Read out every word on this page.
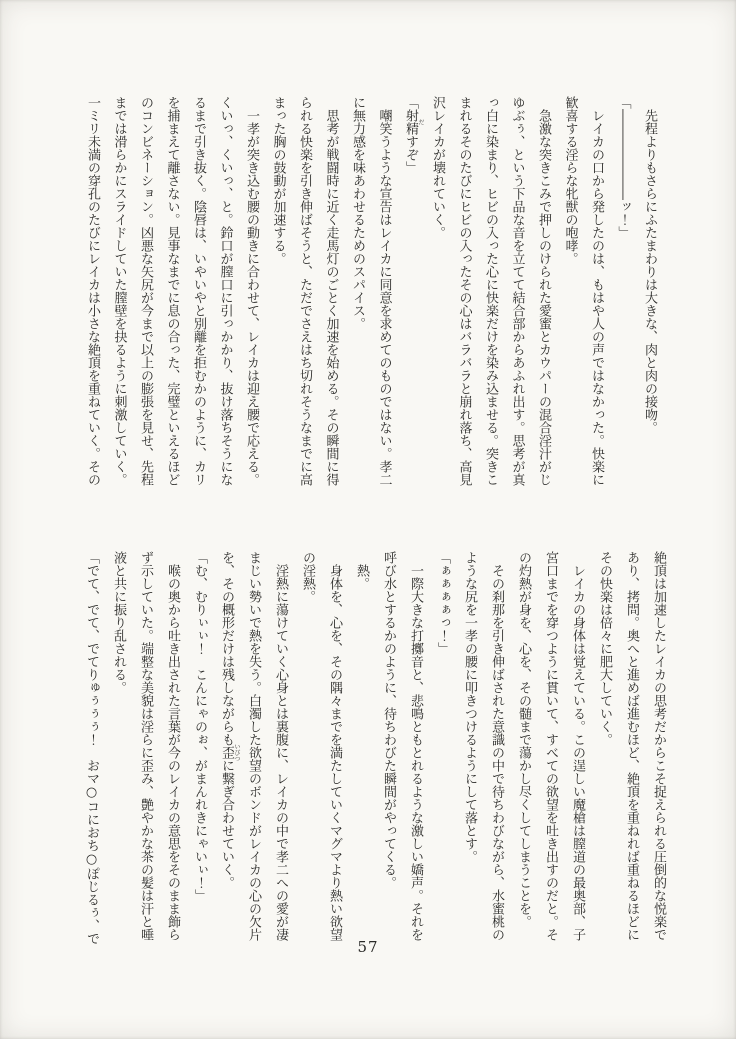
先程よりもさらにふたまわりは大きな、肉と肉の接吻。
「―――――――ッ！」
レイカの口から発したのは、もはや人の声ではなかった。快楽に
歓喜する淫らな牝獣の咆哮。
急激な突きこみで押しのけられた愛蜜とカウパーの混合淫汁がじ
ゆぶぅ、という下品な音を立てて結合部からあふれ出す。思考が真
っ白に染まり、ヒビの入った心に快楽だけを染み込ませる。突きこ
まれるそのたびにヒビの入ったその心はバラバラと崩れ落ち、高見
沢レイカが壊れていく。
「射精 だすぞ」
嘲笑うような宣告はレイカに同意を求めてのものではない。孝二
に無力感を味あわせるためのスパイス。
思考が戦闘時に近く走馬灯のごとく加速を始める。その瞬間に得
られる快楽を引き伸ばそうと、ただでさえはち切れそうなまでに高
まった胸の鼓動が加速する。
一孝が突き込む腰の動きに合わせて、レイカは迎え腰で応える。
くいっ、くいっ、と。鈴口が膣口に引っかかり、抜け落ちそうにな
るまで引き抜く。陰唇は、いやいやと別離を拒むかのように、カリ
を捕まえて離さない。見事なまでに息の合った、完璧といえるほど
のコンビネーション。凶悪な矢尻が今まで以上の膨張を見せ、先程
までは滑らかにスライドしていた膣壁を抉るように刺激していく。
一ミリ未満の穿孔のたびにレイカは小さな絶頂を重ねていく。その
絶頂は加速したレイカの思考だからこそ捉えられる圧倒的な悦楽で
あり、拷問。奥へと進めば進むほど、絶頂を重ねれば重ねるほどに
その快楽は倍々に肥大していく。
レイカの身体は覚えている。この逞しい魔槍は膣道の最奥部、子
宮口までを穿つように貫いて、すべての欲望を吐き出すのだと。そ
の灼熱が身を、心を、その髄まで蕩かし尽くしてしまうことを。
その刹那を引き伸ばされた意識の中で待ちわびながら、水蜜桃の
ような尻を一孝の腰に叩きつけるようにして落とす。
「ぁぁぁぁっ！」
一際大きな打擲音と、悲鳴ともとれるような激しい嬌声。それを
呼び水とするかのように、待ちわびた瞬間がやってくる。
熱。
身体を、心を、その隅々までを満たしていくマグマより熱い欲望
の淫熱。
淫熱に蕩けていく心身とは裏腹に、レイカの中で孝二への愛が凄
まじい勢いで熱を失う。白濁した欲望のボンドがレイカの心の欠片
を、その概形だけは残しながらも歪 いびつに繋ぎ合わせていく。
「む、むりぃぃ！　こんにゃのぉ、がまんれきにゃいぃ！」
喉の奥から吐き出された言葉が今のレイカの意思をそのまま飾ら
ず示していた。端整な美貌は淫らに歪み、艶やかな茶の髪は汗と唾
液と共に振り乱される。
「でて、でて、でてりゅぅぅぅ！　おマ○コにおち○ぽじるぅ、で
57
